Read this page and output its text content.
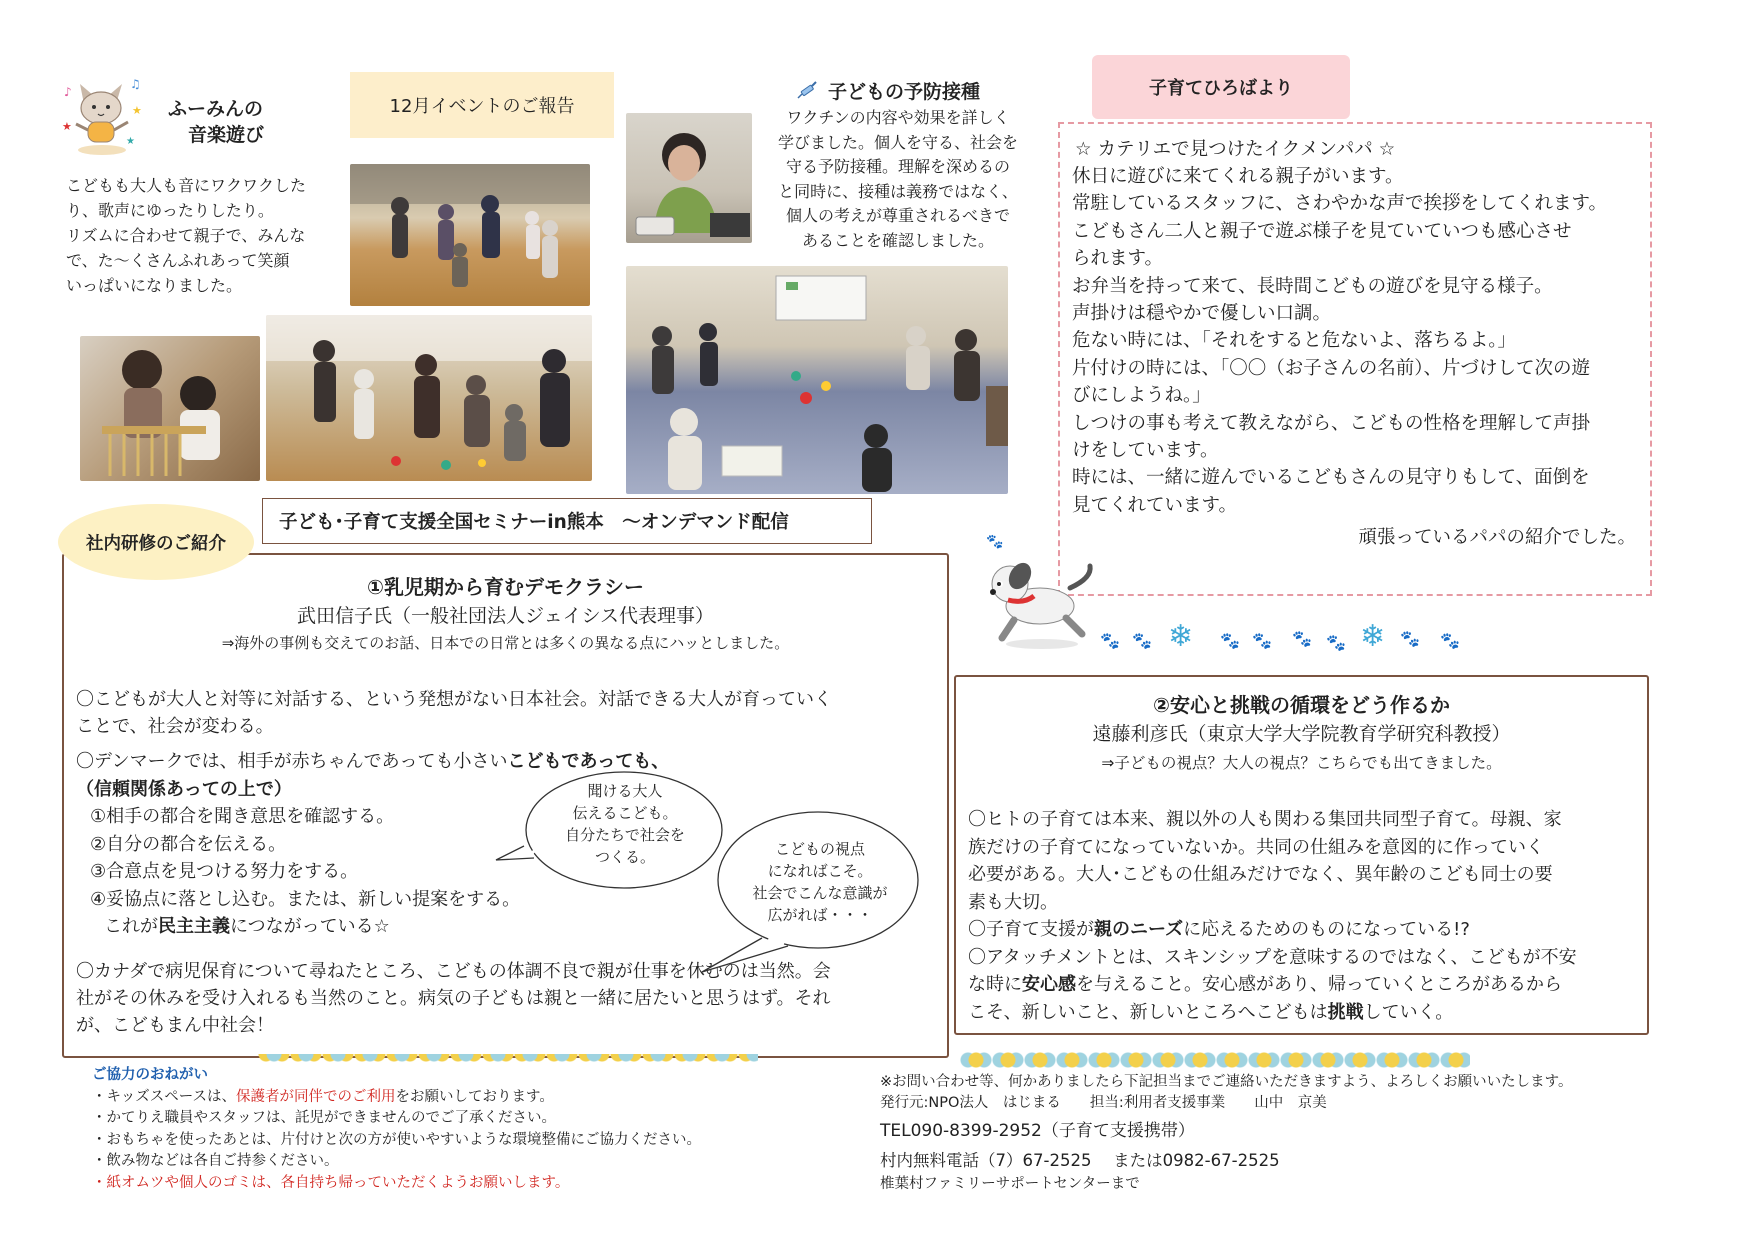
♪
♫
★
★
★
ふーみんの
音楽遊び
こどもも大人も音にワクワクした
り、歌声にゆったりしたり。
リズムに合わせて親子で、みんな
で、た～くさんふれあって笑顔
いっぱいになりました。
12月イベントのご報告
子どもの予防接種
ワクチンの内容や効果を詳しく
学びました。個人を守る、社会を
守る予防接種。理解を深めるの
と同時に、接種は義務ではなく、
個人の考えが尊重されるべきで
あることを確認しました。
子育てひろばより
☆ カテリエで見つけたイクメンパパ ☆
休日に遊びに来てくれる親子がいます。
常駐しているスタッフに、さわやかな声で挨拶をしてくれます。
こどもさん二人と親子で遊ぶ様子を見ていていつも感心させ
られます。
お弁当を持って来て、長時間こどもの遊びを見守る様子。
声掛けは穏やかで優しい口調。
危ない時には、「それをすると危ないよ、落ちるよ。」
片付けの時には、「〇〇（お子さんの名前）、片づけして次の遊
びにしようね。」
しつけの事も考えて教えながら、こどもの性格を理解して声掛
けをしています。
時には、一緒に遊んでいるこどもさんの見守りもして、面倒を
見てくれています。
頑張っているパパの紹介でした。
🐾
🐾 🐾	🐾 🐾 🐾 🐾	🐾 🐾
❄	❄
子ども･子育て支援全国セミナーin熊本　～オンデマンド配信
社内研修のご紹介
①乳児期から育むデモクラシー
武田信子氏（一般社団法人ジェイシス代表理事）
⇒海外の事例も交えてのお話、日本での日常とは多くの異なる点にハッとしました。
〇こどもが大人と対等に対話する、という発想がない日本社会。対話できる大人が育っていく
ことで、社会が変わる。
〇デンマークでは、相手が赤ちゃんであっても小さいこどもであっても、
（信頼関係あっての上で）
①相手の都合を聞き意思を確認する。
②自分の都合を伝える。
③合意点を見つける努力をする。
④妥協点に落とし込む。または、新しい提案をする。
これが民主主義につながっている☆
〇カナダで病児保育について尋ねたところ、こどもの体調不良で親が仕事を休むのは当然。会
社がその休みを受け入れるも当然のこと。病気の子どもは親と一緒に居たいと思うはず。それ
が、こどもまん中社会！
聞ける大人
伝えるこども。
自分たちで社会を
つくる。	こどもの視点
になればこそ。
社会でこんな意識が
広がれば・・・
②安心と挑戦の循環をどう作るか
遠藤利彦氏（東京大学大学院教育学研究科教授）
⇒子どもの視点？大人の視点？こちらでも出てきました。
〇ヒトの子育ては本来、親以外の人も関わる集団共同型子育て。母親、家
族だけの子育てになっていないか。共同の仕組みを意図的に作っていく
必要がある。大人･こどもの仕組みだけでなく、異年齢のこども同士の要
素も大切。
〇子育て支援が親のニーズに応えるためのものになっている!?
〇アタッチメントとは、スキンシップを意味するのではなく、こどもが不安
な時に安心感を与えること。安心感があり、帰っていくところがあるから
こそ、新しいこと、新しいところへこどもは挑戦していく。
ご協力のおねがい
・キッズスペースは、保護者が同伴でのご利用をお願いしております。
・かてりえ職員やスタッフは、託児ができませんのでご了承ください。
・おもちゃを使ったあとは、片付けと次の方が使いやすいような環境整備にご協力ください。
・飲み物などは各自ご持参ください。
・紙オムツや個人のゴミは、各自持ち帰っていただくようお願いします。
※お問い合わせ等、何かありましたら下記担当までご連絡いただきますよう、よろしくお願いいたします。
発行元:NPO法人　はじまる　　担当:利用者支援事業　　山中　京美
TEL090-8399-2952（子育て支援携帯）
村内無料電話（7）67-2525　 または0982-67-2525
椎葉村ファミリーサポートセンターまで
